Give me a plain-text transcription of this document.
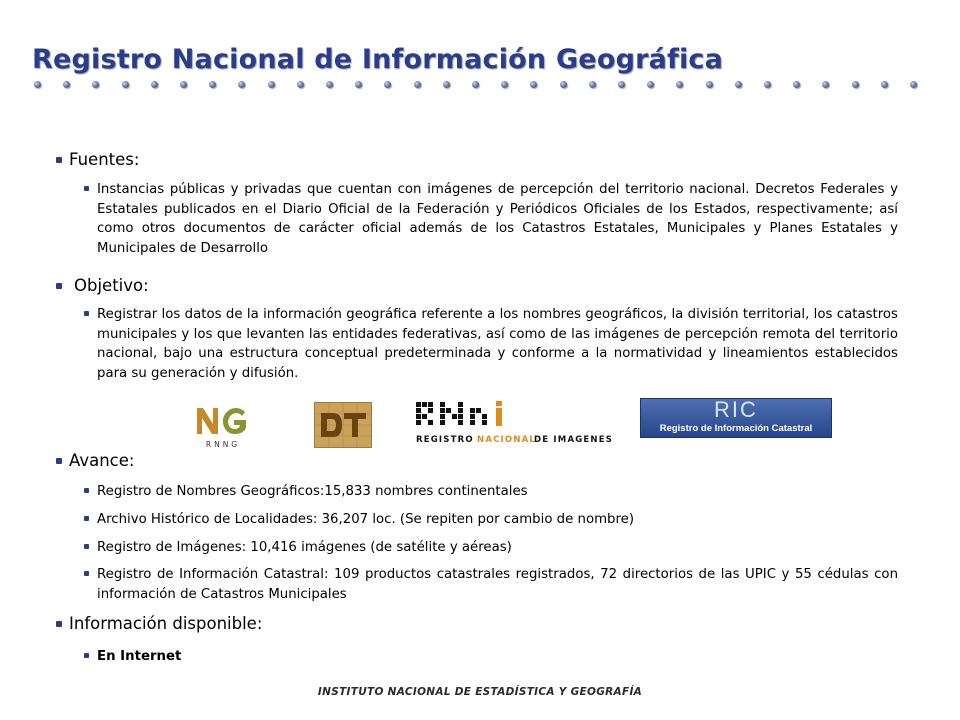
Registro Nacional de Información Geográfica
Fuentes:
Instancias públicas y privadas que cuentan con imágenes de percepción del territorio nacional. Decretos Federales y Estatales publicados en el Diario Oficial de la Federación y Periódicos Oficiales de los Estados, respectivamente; así como otros documentos de carácter oficial además de los Catastros Estatales, Municipales y Planes Estatales y Municipales de Desarrollo
Objetivo:
Registrar los datos de la información geográfica referente a los nombres geográficos, la división territorial, los catastros municipales y los que levanten las entidades federativas, así como de las imágenes de percepción remota del territorio nacional, bajo una estructura conceptual predeterminada y conforme a la normatividad y lineamientos establecidos para su generación y difusión.
Avance:
Registro de Nombres Geográficos:15,833 nombres continentales
Archivo Histórico de Localidades: 36,207 loc. (Se repiten por cambio de nombre)
Registro de Imágenes: 10,416 imágenes (de satélite y aéreas)
Registro de Información Catastral: 109 productos catastrales registrados, 72 directorios de las UPIC y 55 cédulas con información de Catastros Municipales
Información disponible:
En Internet
RNNG	REGISTRO NACIONAL
DE IMAGENES
RIC
Registro de Información Catastral
INSTITUTO NACIONAL DE ESTADÍSTICA Y GEOGRAFÍA
